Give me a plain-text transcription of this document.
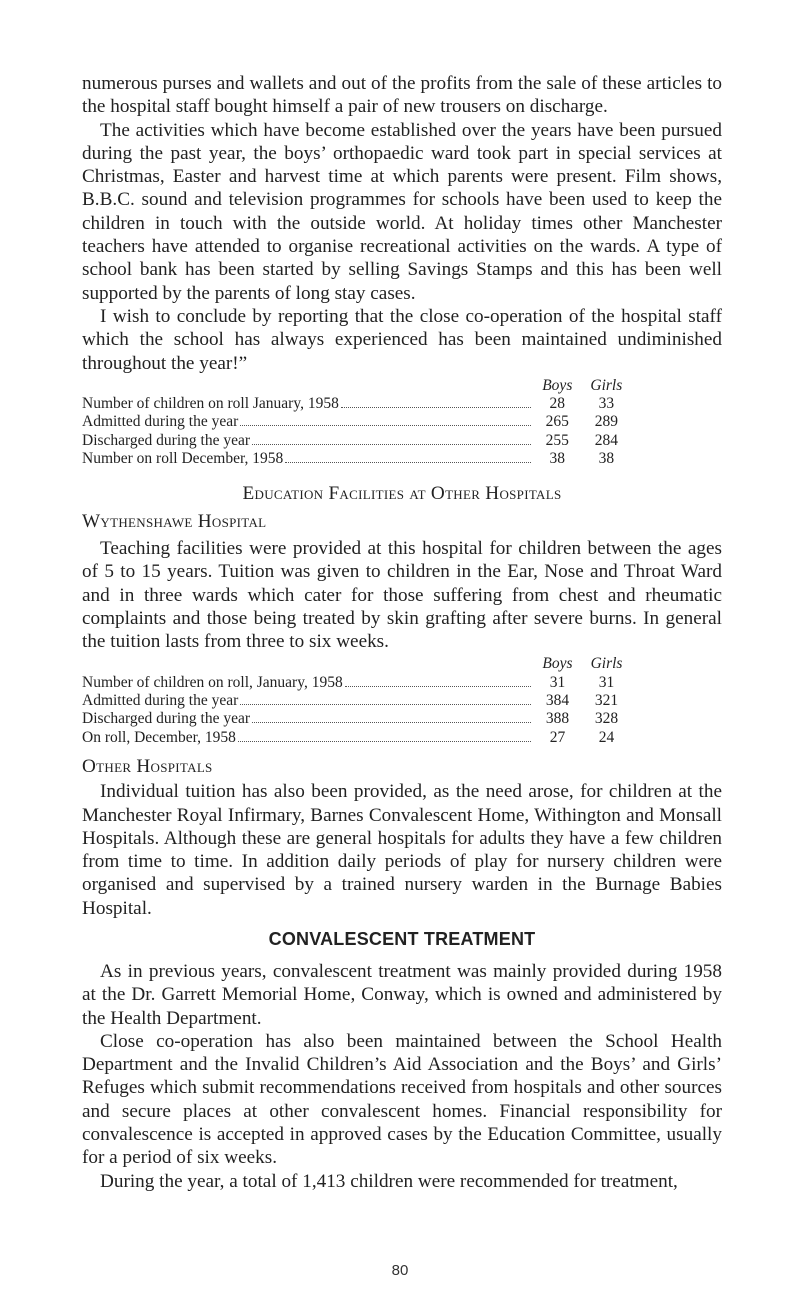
numerous purses and wallets and out of the profits from the sale of these articles to the hospital staff bought himself a pair of new trousers on discharge.

The activities which have become established over the years have been pursued during the past year, the boys’ orthopaedic ward took part in special services at Christmas, Easter and harvest time at which parents were present. Film shows, B.B.C. sound and television programmes for schools have been used to keep the children in touch with the outside world. At holiday times other Manchester teachers have attended to organise recreational activities on the wards. A type of school bank has been started by selling Savings Stamps and this has been well supported by the parents of long stay cases.

I wish to conclude by reporting that the close co-operation of the hospital staff which the school has always experienced has been maintained undiminished throughout the year!”

	Boys	Girls	

Number of children on roll January, 1958	28	33	

Admitted during the year	265	289	

Discharged during the year	255	284	

Number on roll December, 1958	38	38	

Education Facilities at Other Hospitals

Wythenshawe Hospital

Teaching facilities were provided at this hospital for children between the ages of 5 to 15 years. Tuition was given to children in the Ear, Nose and Throat Ward and in three wards which cater for those suffering from chest and rheumatic complaints and those being treated by skin grafting after severe burns. In general the tuition lasts from three to six weeks.

	Boys	Girls	

Number of children on roll, January, 1958	31	31	

Admitted during the year	384	321	

Discharged during the year	388	328	

On roll, December, 1958	27	24	

Other Hospitals

Individual tuition has also been provided, as the need arose, for children at the Manchester Royal Infirmary, Barnes Convalescent Home, Withington and Monsall Hospitals. Although these are general hospitals for adults they have a few children from time to time. In addition daily periods of play for nursery children were organised and supervised by a trained nursery warden in the Burnage Babies Hospital.

CONVALESCENT TREATMENT

As in previous years, convalescent treatment was mainly provided during 1958 at the Dr. Garrett Memorial Home, Conway, which is owned and administered by the Health Department.

Close co-operation has also been maintained between the School Health Department and the Invalid Children’s Aid Association and the Boys’ and Girls’ Refuges which submit recommendations received from hospitals and other sources and secure places at other convalescent homes. Financial responsibility for convalescence is accepted in approved cases by the Education Committee, usually for a period of six weeks.

During the year, a total of 1,413 children were recommended for treatment,

80
